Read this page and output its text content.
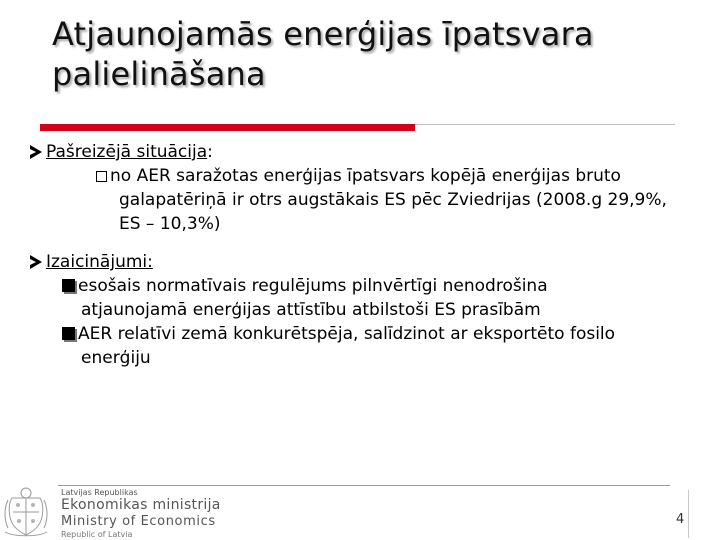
Atjaunojamās enerģijas īpatsvara
palielināšana
Pašreizējā situācija:
no AER saražotas enerģijas īpatsvars kopējā enerģijas bruto
galapatēriņā ir otrs augstākais ES pēc Zviedrijas (2008.g 29,9%,
ES – 10,3%)
Izaicinājumi:
esošais normatīvais regulējums pilnvērtīgi nenodrošina
atjaunojamā enerģijas attīstību atbilstoši ES prasībām
AER relatīvi zemā konkurētspēja, salīdzinot ar eksportēto fosilo
enerģiju
Latvijas Republikas
Ekonomikas ministrija
Ministry of Economics
Republic of Latvia
4
